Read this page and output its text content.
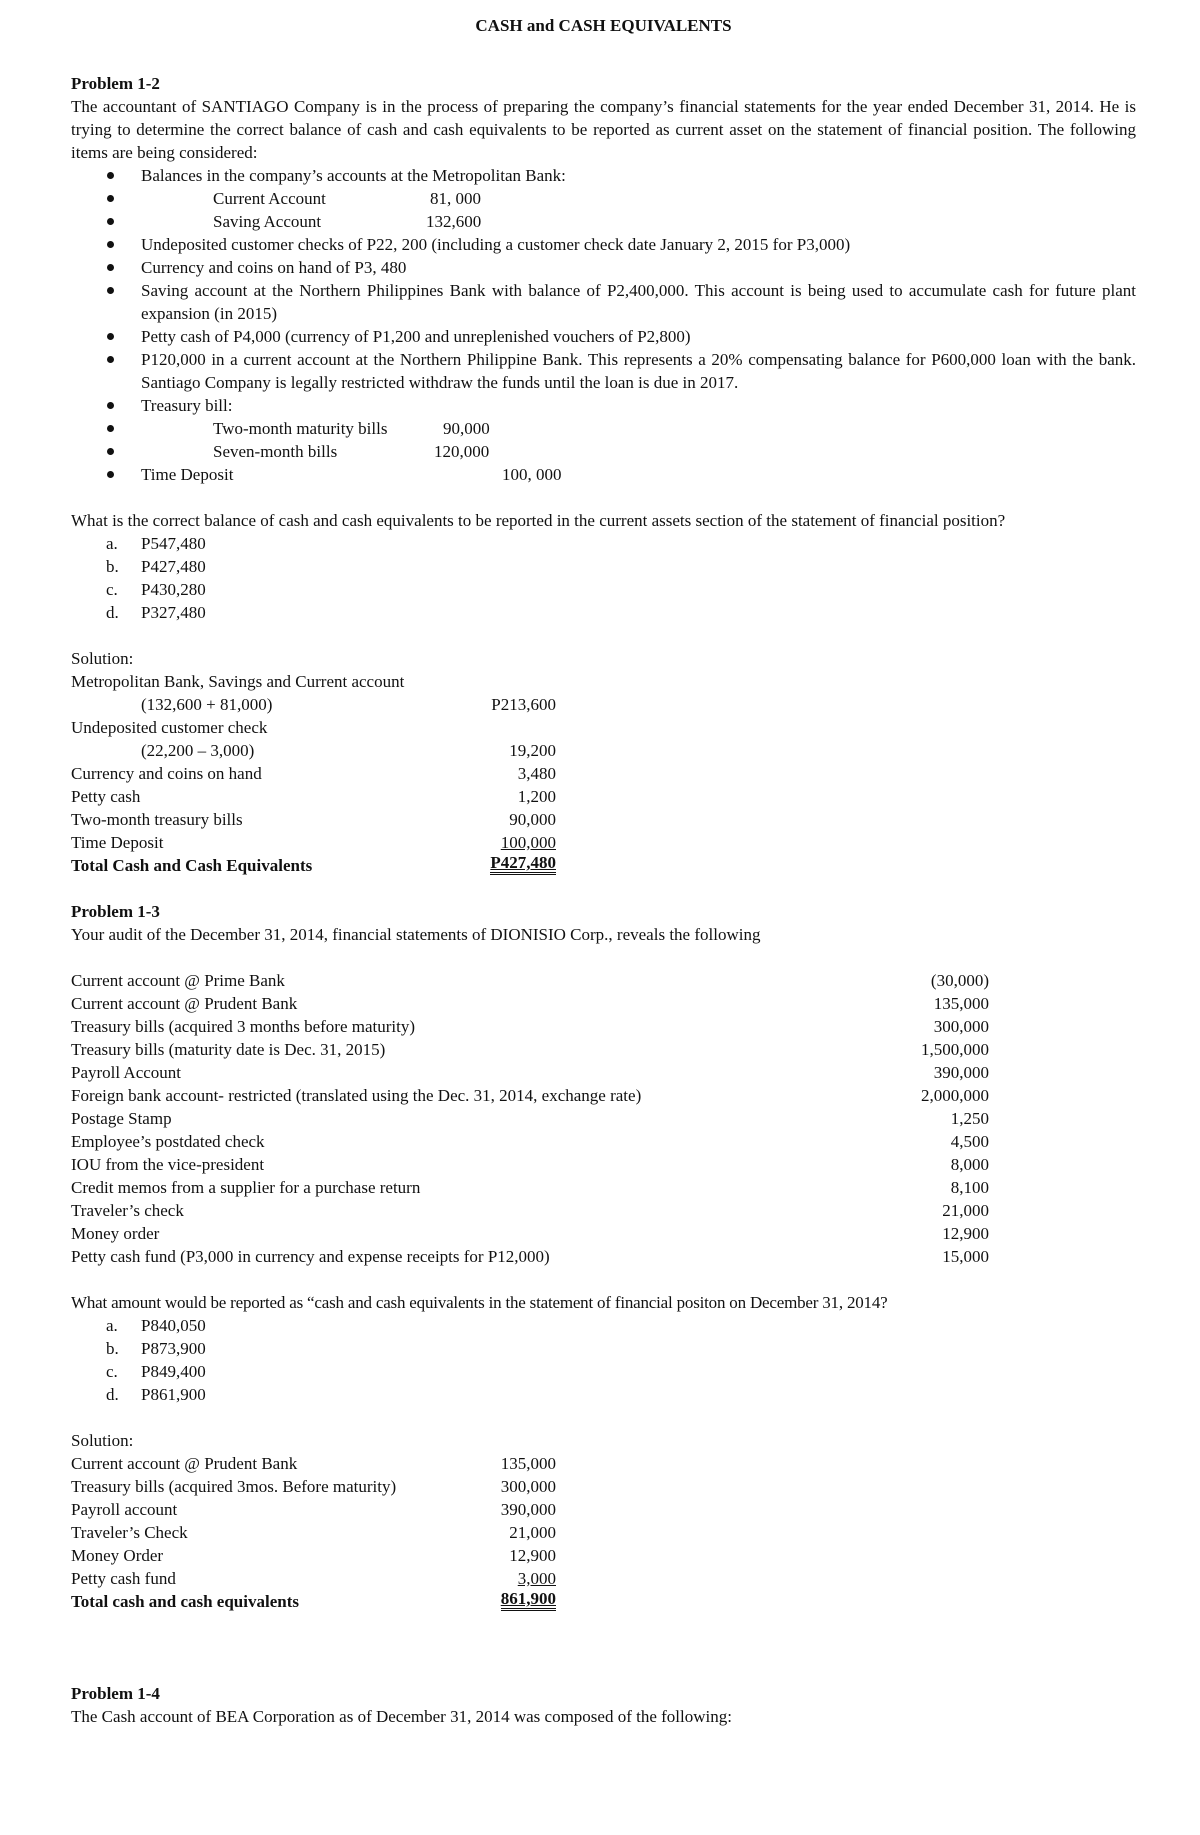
CASH and CASH EQUIVALENTS

Problem 1-2

The accountant of SANTIAGO Company is in the process of preparing the company’s financial statements for the year ended December 31, 2014. He is trying to determine the correct balance of cash and cash equivalents to be reported as current asset on the statement of financial position. The following items are being considered:

Balances in the company’s accounts at the Metropolitan Bank:
Current Account	81, 000
Saving Account	132,600
Undeposited customer checks of P22, 200 (including a customer check date January 2, 2015 for P3,000)
Currency and coins on hand of P3, 480
Saving account at the Northern Philippines Bank with balance of P2,400,000. This account is being used to accumulate cash for future plant expansion (in 2015)
Petty cash of P4,000 (currency of P1,200 and unreplenished vouchers of P2,800)
P120,000 in a current account at the Northern Philippine Bank. This represents a 20% compensating balance for P600,000 loan with the bank. Santiago Company is legally restricted withdraw the funds until the loan is due in 2017.
Treasury bill:
Two-month maturity bills	90,000
Seven-month bills	120,000
Time Deposit	100, 000

What is the correct balance of cash and cash equivalents to be reported in the current assets section of the statement of financial position?

a. P547,480
b. P427,480
c. P430,280
d. P327,480

Solution:

Metropolitan Bank, Savings and Current account
(132,600 + 81,000)	P213,600
Undeposited customer check
(22,200 – 3,000)	19,200
Currency and coins on hand	3,480
Petty cash	1,200
Two-month treasury bills	90,000
Time Deposit	100,000
Total Cash and Cash Equivalents	P427,480

Problem 1-3

Your audit of the December 31, 2014, financial statements of DIONISIO Corp., reveals the following

Current account @ Prime Bank	(30,000)
Current account @ Prudent Bank	135,000
Treasury bills (acquired 3 months before maturity)	300,000
Treasury bills (maturity date is Dec. 31, 2015)	1,500,000
Payroll Account	390,000
Foreign bank account- restricted (translated using the Dec. 31, 2014, exchange rate)	2,000,000
Postage Stamp	1,250
Employee’s postdated check	4,500
IOU from the vice-president	8,000
Credit memos from a supplier for a purchase return	8,100
Traveler’s check	21,000
Money order	12,900
Petty cash fund (P3,000 in currency and expense receipts for P12,000)	15,000

What amount would be reported as “cash and cash equivalents in the statement of financial positon on December 31, 2014?

a. P840,050
b. P873,900
c. P849,400
d. P861,900

Solution:

Current account @ Prudent Bank	135,000
Treasury bills (acquired 3mos. Before maturity)	300,000
Payroll account	390,000
Traveler’s Check	21,000
Money Order	12,900
Petty cash fund	3,000
Total cash and cash equivalents	861,900

Problem 1-4

The Cash account of BEA Corporation as of December 31, 2014 was composed of the following:
